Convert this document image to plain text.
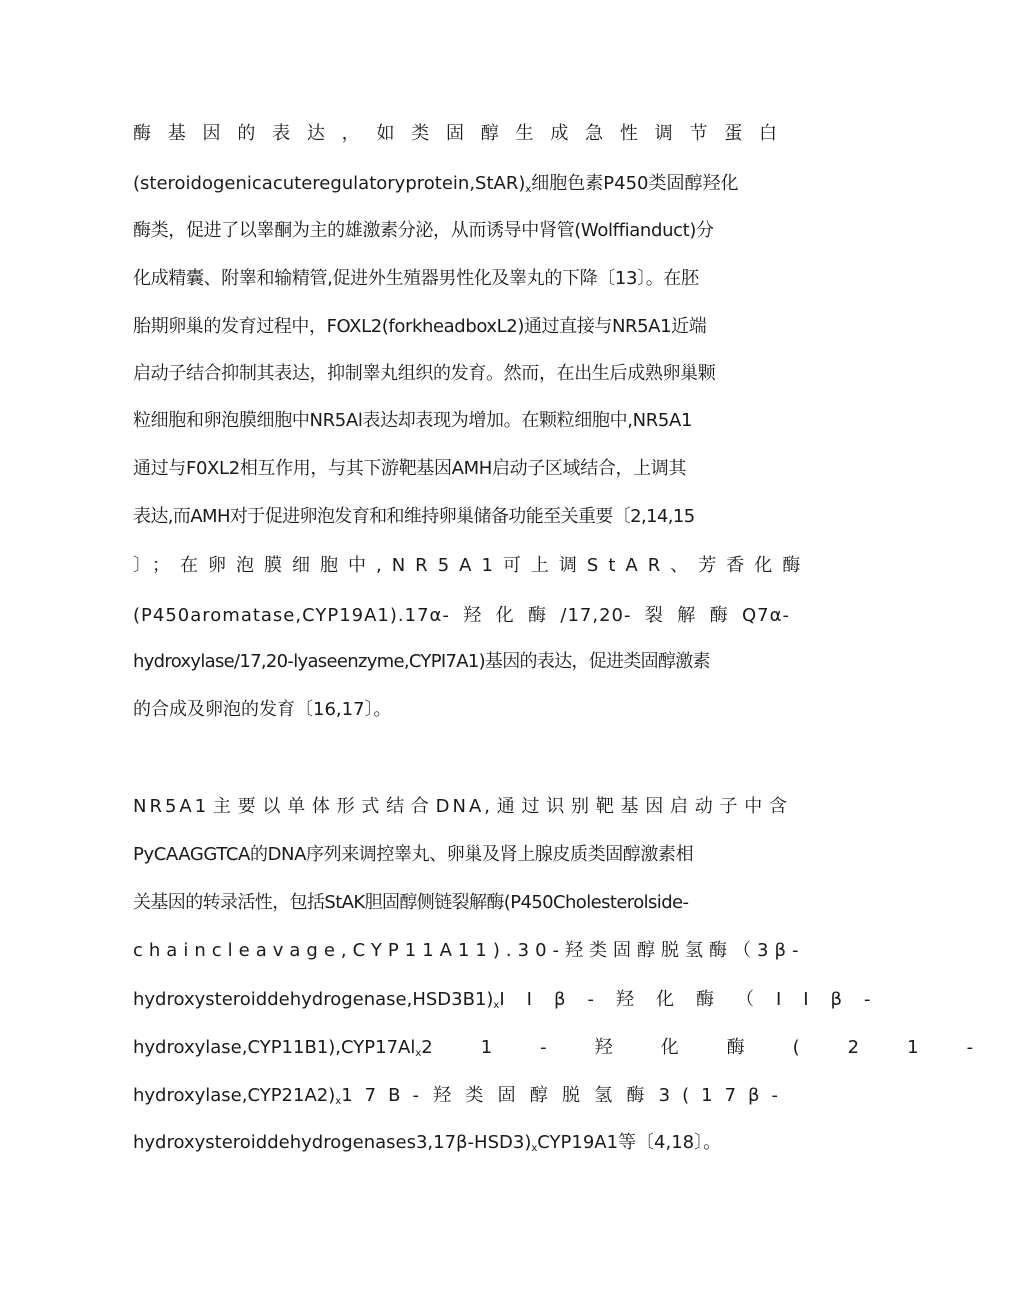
酶基因的表达，如类固醇生成急性调节蛋白
$(steroidogenicacuteregulatoryprotein,StAR)_x$细胞色素P450类固醇羟化
酶类，促进了以睾酮为主的雄激素分泌，从而诱导中肾管(Wolffianduct)分
化成精囊、附睾和输精管,促进外生殖器男性化及睾丸的下降〔13〕。在胚
胎期卵巢的发育过程中，FOXL2(forkheadboxL2)通过直接与NR5A1近端
启动子结合抑制其表达，抑制睾丸组织的发育。然而，在出生后成熟卵巢颗
粒细胞和卵泡膜细胞中NR5Al表达却表现为增加。在颗粒细胞中,NR5A1
通过与F0XL2相互作用，与其下游靶基因AMH启动子区域结合，上调其
表达,而AMH对于促进卵泡发育和和维持卵巢储备功能至关重要〔2,14,15
〕；在卵泡膜细胞中,NR5A1可上调StAR、芳香化酶
(P450aromatase,CYP19A1).17α-羟化酶/17,20-裂解酶Q7α-
hydroxylase/17,20-lyaseenzyme,CYPI7A1)基因的表达，促进类固醇激素
的合成及卵泡的发育〔16,17〕。
NR5A1主要以单体形式结合DNA,通过识别靶基因启动子中含
PyCAAGGTCA的DNA序列来调控睾丸、卵巢及肾上腺皮质类固醇激素相
关基因的转录活性，包括StAK胆固醇侧链裂解酶(P450Cholesterolside-
chaincleavage,CYP11A11).30-羟类固醇脱氢酶（3β-
$hydroxysteroiddehydrogenase,HSD3B1)_xII\beta-$羟化酶（IIβ-
$hydroxylase,CYP11B1),CYP17Al_x21-$羟化酶(21-
$hydroxylase,CYP21A2)_x17B-$羟类固醇脱氢酶3(17β-
$hydroxysteroiddehydrogenases3,17\beta-HSD3)_xCYP19A1$等〔4,18〕。
